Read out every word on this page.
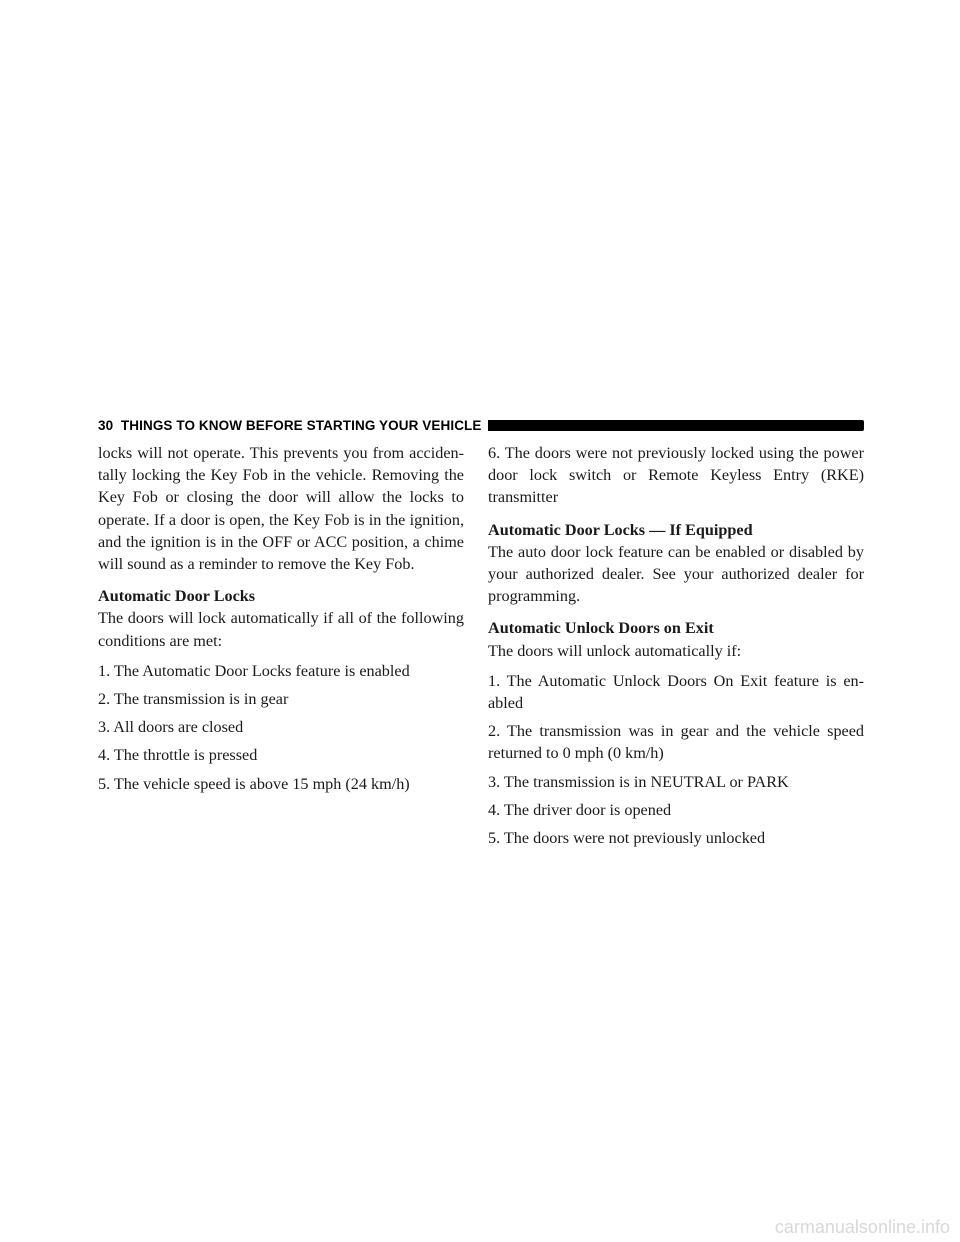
30 THINGS TO KNOW BEFORE STARTING YOUR VEHICLE

locks will not operate. This prevents you from acciden-tally locking the Key Fob in the vehicle. Removing the Key Fob or closing the door will allow the locks to operate. If a door is open, the Key Fob is in the ignition, and the ignition is in the OFF or ACC position, a chime will sound as a reminder to remove the Key Fob.

Automatic Door Locks

The doors will lock automatically if all of the following conditions are met:

1. The Automatic Door Locks feature is enabled

2. The transmission is in gear

3. All doors are closed

4. The throttle is pressed

5. The vehicle speed is above 15 mph (24 km/h)

6. The doors were not previously locked using the power door lock switch or Remote Keyless Entry (RKE) transmitter

Automatic Door Locks — If Equipped

The auto door lock feature can be enabled or disabled by your authorized dealer. See your authorized dealer for programming.

Automatic Unlock Doors on Exit

The doors will unlock automatically if:

1. The Automatic Unlock Doors On Exit feature is en-abled

2. The transmission was in gear and the vehicle speed returned to 0 mph (0 km/h)

3. The transmission is in NEUTRAL or PARK

4. The driver door is opened

5. The doors were not previously unlocked

carmanualsonline.info
